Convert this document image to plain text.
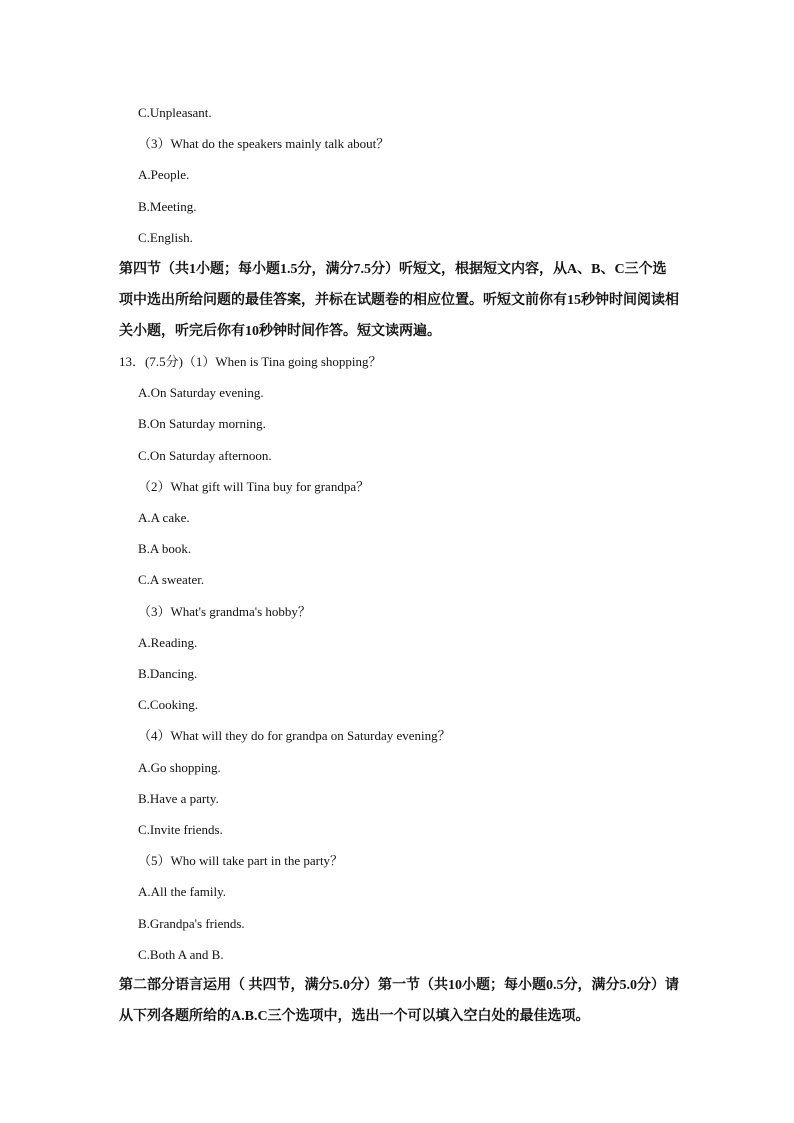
C.Unpleasant.
（3）What do the speakers mainly talk about？
A.People.
B.Meeting.
C.English.
第四节（共1小题；每小题1.5分，满分7.5分）听短文，根据短文内容，从A、B、C三个选项中选出所给问题的最佳答案，并标在试题卷的相应位置。听短文前你有15秒钟时间阅读相关小题，听完后你有10秒钟时间作答。短文读两遍。
13．(7.5分)（1）When is Tina going shopping？
A.On Saturday evening.
B.On Saturday morning.
C.On Saturday afternoon.
（2）What gift will Tina buy for grandpa？
A.A cake.
B.A book.
C.A sweater.
（3）What's grandma's hobby？
A.Reading.
B.Dancing.
C.Cooking.
（4）What will they do for grandpa on Saturday evening？
A.Go shopping.
B.Have a party.
C.Invite friends.
（5）Who will take part in the party？
A.All the family.
B.Grandpa's friends.
C.Both A and B.
第二部分语言运用（ 共四节，满分5.0分）第一节（共10小题；每小题0.5分，满分5.0分）请从下列各题所给的A.B.C三个选项中，选出一个可以填入空白处的最佳选项。
